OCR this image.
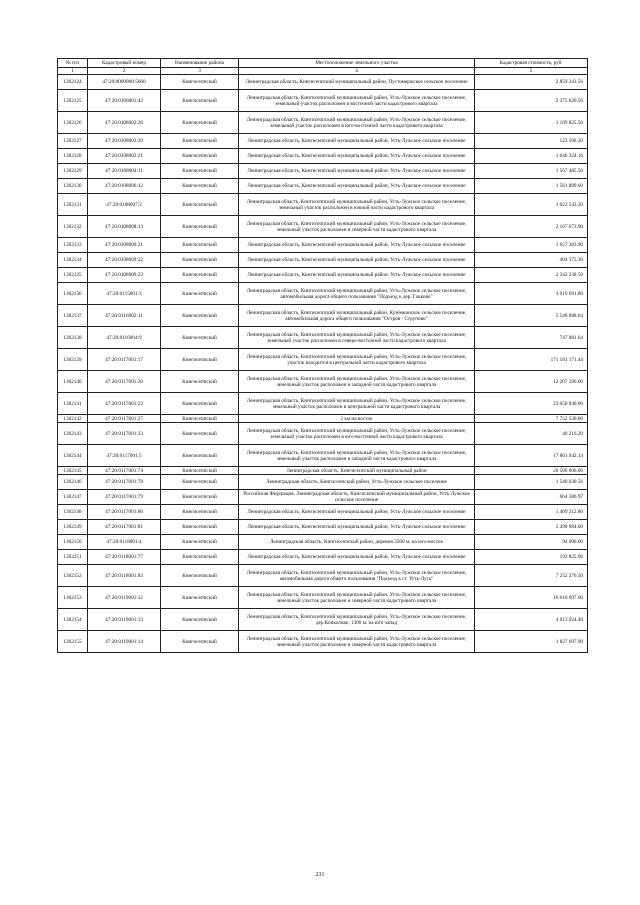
№ п/п	Кадастровый номер	Наименование района	Местоположение земельного участка	Кадастровая стоимость, руб.
1	2	3	4	5
1302124	47:20:0000000:5660	Кингисеппский	Ленинградская область, Кингисеппский муниципальный район, Пустомержское сельское поселение	2 859 343.56
1302125	47:20:0106001:42	Кингисеппский	Ленинградская область, Кингисеппский муниципальный район, Усть-Лужское сельское поселение, земельный участок расположен в восточной части кадастрового квартала	2 375 620.56
1302126	47:20:0108002:26	Кингисеппский	Ленинградская область, Кингисеппский муниципальный район, Усть-Лужское сельское поселение, земельный участок расположен в юго-восточной части кадастрового квартала	1 109 825.50
1302127	47:20:0108003:20	Кингисеппский	Ленинградская область, Кингисеппский муниципальный район, Усть-Лужское сельское поселение	123 568.20
1302128	47:20:0108003:21	Кингисеппский	Ленинградская область, Кингисеппский муниципальный район, Усть-Лужское сельское поселение	1 046 324.16
1302129	47:20:0108004:11	Кингисеппский	Ленинградская область, Кингисеппский муниципальный район, Усть-Лужское сельское поселение	1 567 485.50
1302130	47:20:0108006:12	Кингисеппский	Ленинградская область, Кингисеппский муниципальный район, Усть-Лужское сельское поселение	1 561 889.60
1302131	47:20:0108007:2	Кингисеппский	Ленинградская область, Кингисеппский муниципальный район, Усть-Лужское сельское поселение, земельный участок расположен в южной части кадастрового квартала	1 022 543.20
1302132	47:20:0108008:13	Кингисеппский	Ленинградская область, Кингисеппский муниципальный район, Усть-Лужское сельское поселение, земельный участок расположен в северной части кадастрового квартала	2 167 673.90
1302133	47:20:0108009:21	Кингисеппский	Ленинградская область, Кингисеппский муниципальный район, Усть-Лужское сельское поселение	1 657 383.90
1302134	47:20:0108009:22	Кингисеппский	Ленинградская область, Кингисеппский муниципальный район, Усть-Лужское сельское поселение	404 375.30
1302135	47:20:0108009:23	Кингисеппский	Ленинградская область, Кингисеппский муниципальный район, Усть-Лужское сельское поселение	2 342 238.50
1302136	47:20:0115001:3	Кингисеппский	Ленинградская область, Кингисеппский муниципальный район, Усть-Лужское сельское поселение, автомобильная дорога общего пользования "Подъезд к дер. Гакково"	4 910 691.80
1302137	47:20:0116002:11	Кингисеппский	Ленинградская область, Кингисеппский муниципальный район, Кузёмкинское сельское поселение, автомобильная дорога общего пользования "Остров - Струпово"	5 548 888.64
1302138	47:20:0116004:9	Кингисеппский	Ленинградская область, Кингисеппский муниципальный район, Усть-Лужское сельское поселение, земельный участок расположен в северо-восточной части кадастрового квартала	747 881.64
1302139	47:20:0117001:17	Кингисеппский	Ленинградская область, Кингисеппский муниципальный район, Усть-Лужское сельское поселение, участок находится в центральной части кадастрового квартала	171 181 171.44
1302140	47:20:0117001:20	Кингисеппский	Ленинградская область, Кингисеппский муниципальный район, Усть-Лужское сельское поселение, земельный участок расположен в западной части кадастрового квартала	12 207 390.00
1302141	47:20:0117001:23	Кингисеппский	Ленинградская область, Кингисеппский муниципальный район, Усть-Лужское сельское поселение, земельный участок расположен в центральной части кадастрового квартала	23 050 940.00
1302142	47:20:0117001:27	Кингисеппский	2 км на восток	7 752 530.80
1302143	47:20:0117001:33	Кингисеппский	Ленинградская область, Кингисеппский муниципальный район, Усть-Лужское сельское поселение, земельный участок расположен в юго-восточной части кадастрового квартала	40 216.20
1302144	47:20:0117001:5	Кингисеппский	Ленинградская область, Кингисеппский муниципальный район, Усть-Лужское сельское поселение, земельный участок расположен в западной части кадастрового квартала	17 801 942.14
1302145	47:20:0117001:74	Кингисеппский	Ленинградская область, Кингисеппский муниципальный район	20 506 606.06
1302146	47:20:0117001:78	Кингисеппский	Ленинградская область, Кингисеппский район, Усть-Лужское сельское поселение	1 540 030.56
1302147	47:20:0117001:79	Кингисеппский	Российская Федерация, Ленинградская область, Кингисеппский муниципальный район, Усть-Лужское сельское поселение	664 386.97
1302148	47:20:0117001:80	Кингисеппский	Ленинградская область, Кингисеппский муниципальный район, Усть-Лужское сельское поселение	1 409 212.80
1302149	47:20:0117001:81	Кингисеппский	Ленинградская область, Кингисеппский муниципальный район, Усть-Лужское сельское поселение	5 490 984.00
1302150	47:20:0118001:4	Кингисеппский	Ленинградская область, Кингисеппский район, деревня 3500 м. на юго-восток	94 000.00
1302151	47:20:0118001:77	Кингисеппский	Ленинградская область, Кингисеппский муниципальный район, Усть-Лужское сельское поселение	193 825.96
1302152	47:20:0118001:83	Кингисеппский	Ленинградская область, Кингисеппский муниципальный район, Усть-Лужское сельское поселение, автомобильная дорога общего пользования "Подъезд к ст. Усть-Луга"	7 252 276.50
1302153	47:20:0119001:12	Кингисеппский	Ленинградская область, Кингисеппский муниципальный район, Усть-Лужское сельское поселение, земельный участок расположен в северной части кадастрового квартала	16 610 097.60
1302154	47:20:0119001:13	Кингисеппский	Ленинградская область, Кингисеппский муниципальный район, Усть-Лужское сельское поселение, дер.Конколово, 1300 м. на юго-запад	4 013 024.40
1302155	47:20:0119001:14	Кингисеппский	Ленинградская область, Кингисеппский муниципальный район, Усть-Лужское сельское поселение, земельный участок расположен в северной части кадастрового квартала	1 827 697.90
231
